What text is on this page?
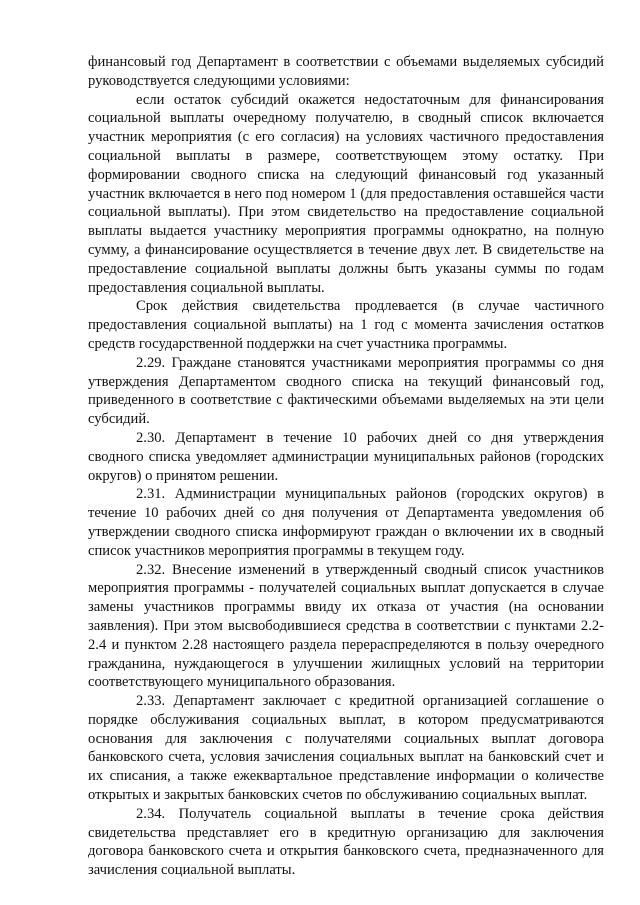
финансовый год Департамент в соответствии с объемами выделяемых субсидий руководствуется следующими условиями:

если остаток субсидий окажется недостаточным для финансирования социальной выплаты очередному получателю, в сводный список включается участник мероприятия (с его согласия) на условиях частичного предоставления социальной выплаты в размере, соответствующем этому остатку. При формировании сводного списка на следующий финансовый год указанный участник включается в него под номером 1 (для предоставления оставшейся части социальной выплаты). При этом свидетельство на предоставление социальной выплаты выдается участнику мероприятия программы однократно, на полную сумму, а финансирование осуществляется в течение двух лет. В свидетельстве на предоставление социальной выплаты должны быть указаны суммы по годам предоставления социальной выплаты.

Срок действия свидетельства продлевается (в случае частичного предоставления социальной выплаты) на 1 год с момента зачисления остатков средств государственной поддержки на счет участника программы.

2.29. Граждане становятся участниками мероприятия программы со дня утверждения Департаментом сводного списка на текущий финансовый год, приведенного в соответствие с фактическими объемами выделяемых на эти цели субсидий.

2.30. Департамент в течение 10 рабочих дней со дня утверждения сводного списка уведомляет администрации муниципальных районов (городских округов) о принятом решении.

2.31. Администрации муниципальных районов (городских округов) в течение 10 рабочих дней со дня получения от Департамента уведомления об утверждении сводного списка информируют граждан о включении их в сводный список участников мероприятия программы в текущем году.

2.32. Внесение изменений в утвержденный сводный список участников мероприятия программы - получателей социальных выплат допускается в случае замены участников программы ввиду их отказа от участия (на основании заявления). При этом высвободившиеся средства в соответствии с пунктами 2.2-2.4 и пунктом 2.28 настоящего раздела перераспределяются в пользу очередного гражданина, нуждающегося в улучшении жилищных условий на территории соответствующего муниципального образования.

2.33. Департамент заключает с кредитной организацией соглашение о порядке обслуживания социальных выплат, в котором предусматриваются основания для заключения с получателями социальных выплат договора банковского счета, условия зачисления социальных выплат на банковский счет и их списания, а также ежеквартальное представление информации о количестве открытых и закрытых банковских счетов по обслуживанию социальных выплат.

2.34. Получатель социальной выплаты в течение срока действия свидетельства представляет его в кредитную организацию для заключения договора банковского счета и открытия банковского счета, предназначенного для зачисления социальной выплаты.
